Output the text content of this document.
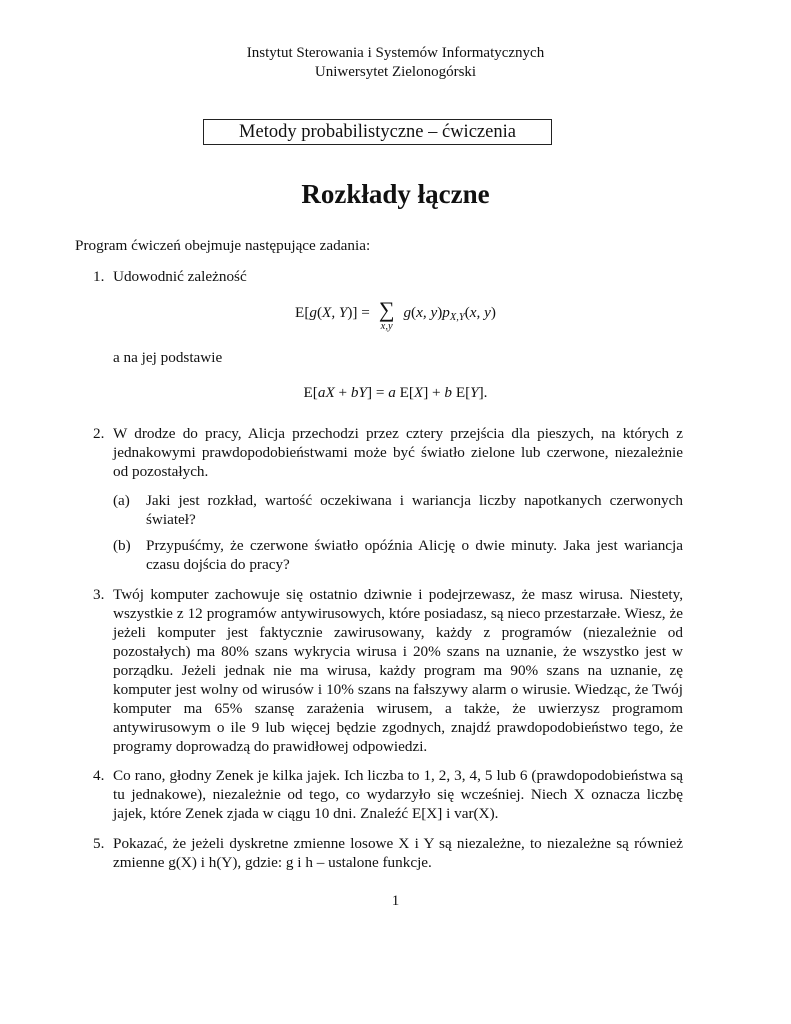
Instytut Sterowania i Systemów Informatycznych
Uniwersytet Zielonogórski
Metody probabilistyczne – ćwiczenia
Rozkłady łączne
Program ćwiczeń obejmuje następujące zadania:
1. Udowodnić zależność
E[g(X, Y)] = ∑
x,y
g(x, $y)p_{X,Y}(x$, y)
a na jej podstawie
E[aX + bY] = a E[X] + b E[Y].
2. W drodze do pracy, Alicja przechodzi przez cztery przejścia dla pieszych, na których z jednakowymi prawdopodobieństwami może być światło zielone lub czerwone, niezależnie od pozostałych.
(a) Jaki jest rozkład, wartość oczekiwana i wariancja liczby napotkanych czerwonych świateł?
(b) Przypuśćmy, że czerwone światło opóźnia Alicję o dwie minuty. Jaka jest wariancja czasu dojścia do pracy?
3. Twój komputer zachowuje się ostatnio dziwnie i podejrzewasz, że masz wirusa. Niestety, wszystkie z 12 programów antywirusowych, które posiadasz, są nieco przestarzałe. Wiesz, że jeżeli komputer jest faktycznie zawirusowany, każdy z programów (niezależnie od pozostałych) ma 80% szans wykrycia wirusa i 20% szans na uznanie, że wszystko jest w porządku. Jeżeli jednak nie ma wirusa, każdy program ma 90% szans na uznanie, zę komputer jest wolny od wirusów i 10% szans na fałszywy alarm o wirusie. Wiedząc, że Twój komputer ma 65% szansę zarażenia wirusem, a także, że uwierzysz programom antywirusowym o ile 9 lub więcej będzie zgodnych, znajdź prawdopodobieństwo tego, że programy doprowadzą do prawidłowej odpowiedzi.
4. Co rano, głodny Zenek je kilka jajek. Ich liczba to 1, 2, 3, 4, 5 lub 6 (prawdopodobieństwa są tu jednakowe), niezależnie od tego, co wydarzyło się wcześniej. Niech X oznacza liczbę jajek, które Zenek zjada w ciągu 10 dni. Znaleźć E[X] i var(X).
5. Pokazać, że jeżeli dyskretne zmienne losowe X i Y są niezależne, to niezależne są również zmienne g(X) i h(Y), gdzie: g i h – ustalone funkcje.
1
